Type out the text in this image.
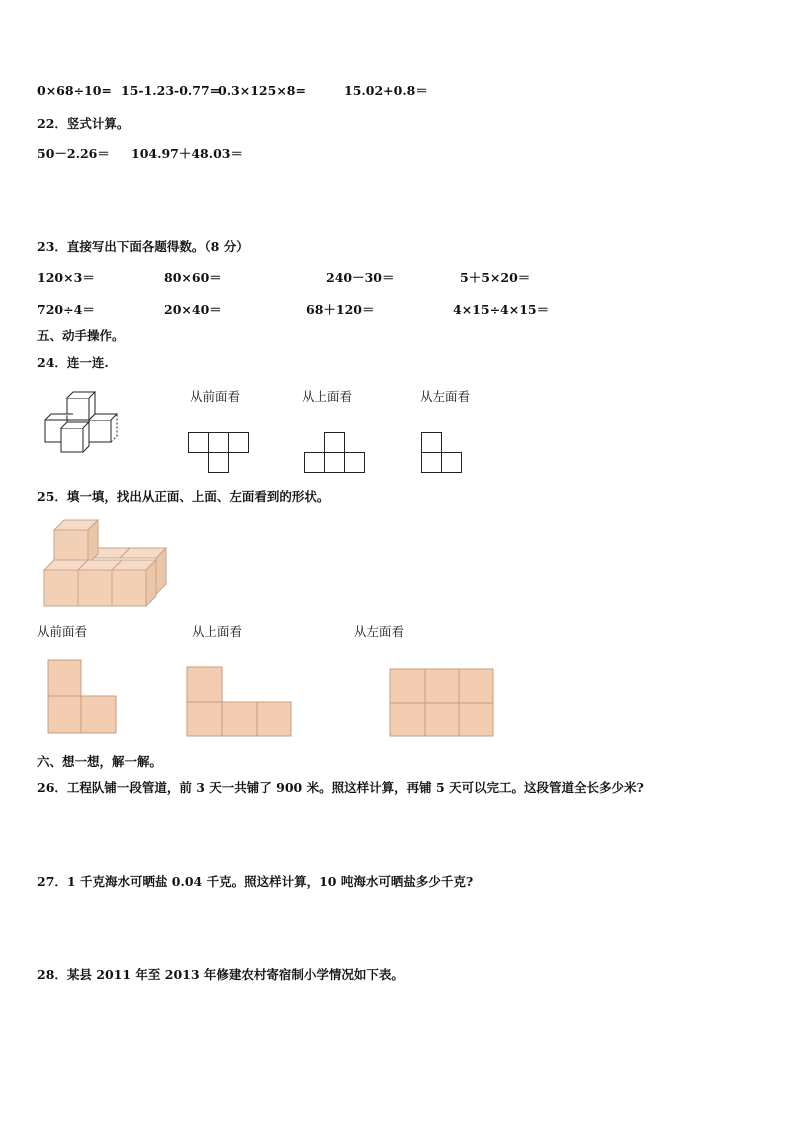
0×68÷10= 15-1.23-0.77=
0.3×125×8=	15.02+0.8＝
22．竖式计算。
50－2.26＝ 104.97＋48.03＝
23．直接写出下面各题得数。（8 分）
120×3＝	80×60＝	240－30＝	5＋5×20＝
720÷4＝	20×40＝	68＋120＝	4×15÷4×15＝
五、动手操作。
24．连一连.
从前面看	从上面看	从左面看
25．填一填，找出从正面、上面、左面看到的形状。
从前面看	从上面看	从左面看
六、想一想，解一解。
26．工程队铺一段管道，前 3 天一共铺了 900 米。照这样计算，再铺 5 天可以完工。这段管道全长多少米?
27．1 千克海水可晒盐 0.04 千克。照这样计算，10 吨海水可晒盐多少千克?
28．某县 2011 年至 2013 年修建农村寄宿制小学情况如下表。
